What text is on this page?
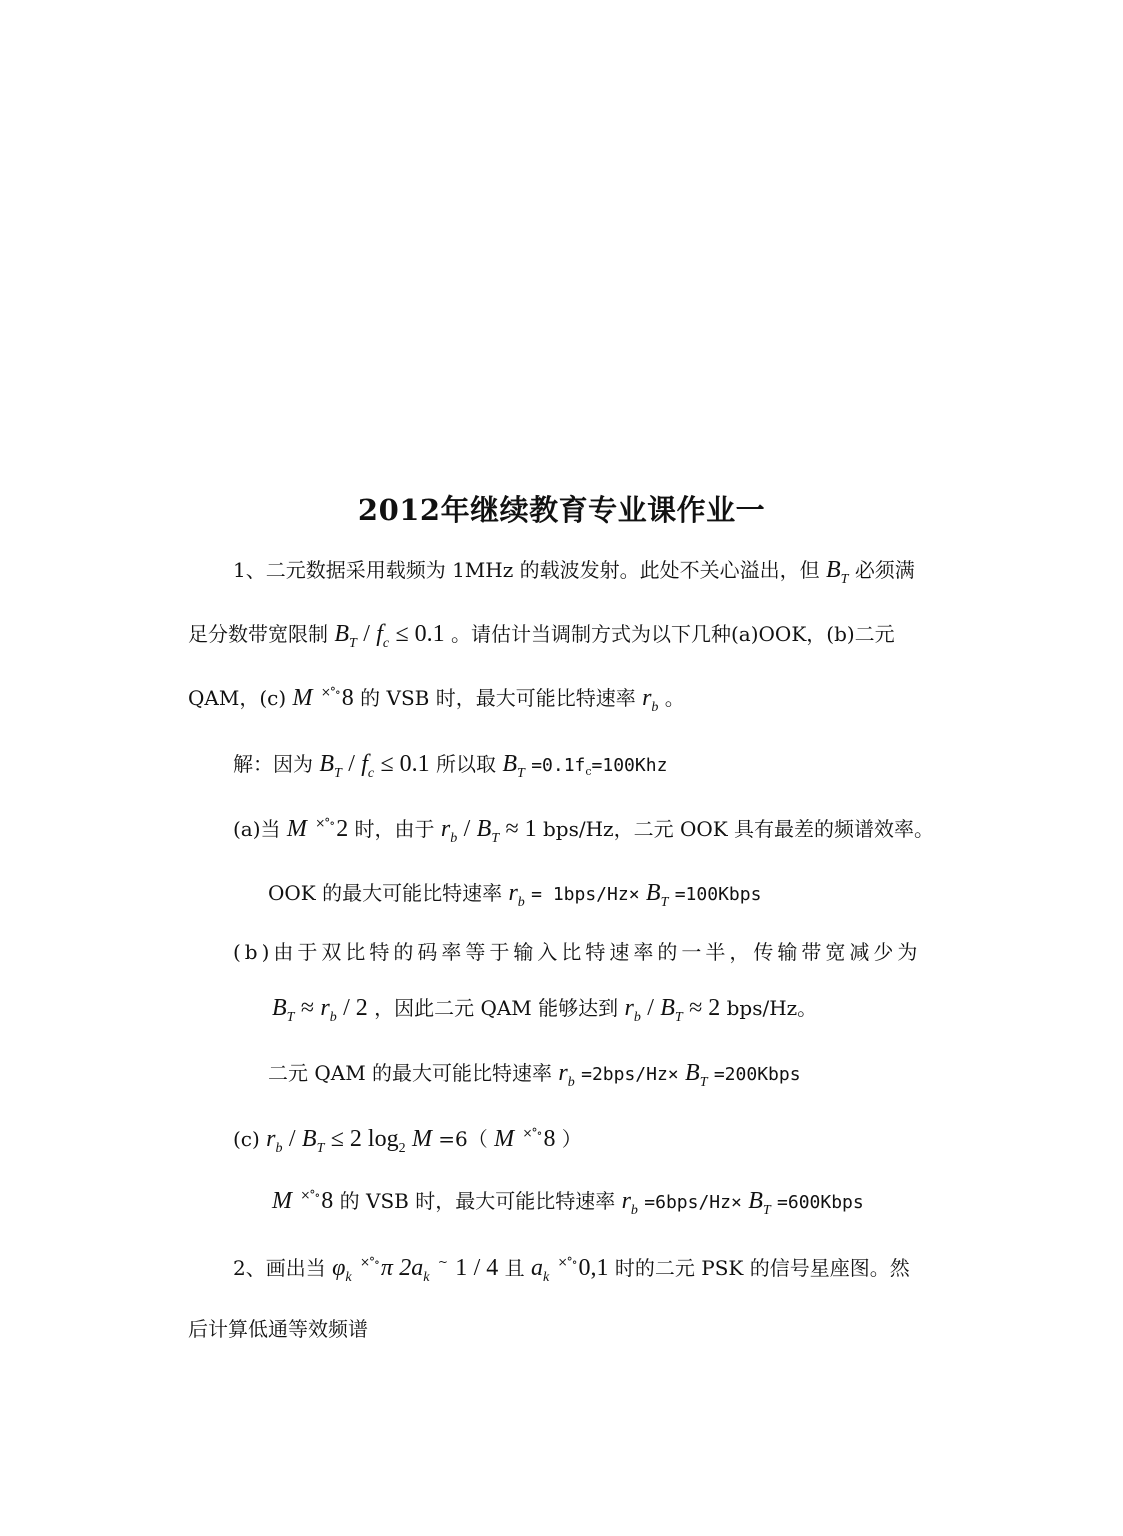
2012年继续教育专业课作业一
1、二元数据采用载频为 1MHz 的载波发射。此处不关心溢出，但 $B_T$ 必须满
足分数带宽限制 $B_T / f_c \le 0.1$ 。请估计当调制方式为以下几种(a)OOK，(b)二元
QAM，(c) M ×°∘8 的 VSB 时，最大可能比特速率 $r_b$ 。
解：因为 $B_T / f_c \le 0.1$ 所以取 $B_T =0.1f_c=100Khz$
(a)当 M ×°∘2 时，由于 $r_b / B_T \approx 1$ bps/Hz，二元 OOK 具有最差的频谱效率。
OOK 的最大可能比特速率 $r_b = 1bps/Hz\times B_T$ =100Kbps
(b)由于双比特的码率等于输入比特速率的一半，传输带宽减少为
$B_T \approx r_b / 2$ ，因此二元 QAM 能够达到 $r_b / B_T \approx 2$ bps/Hz。
二元 QAM 的最大可能比特速率 $r_b =2bps/Hz\times B_T$ =200Kbps
(c) $r_b / B_T \le 2$ $\log_2 M =6$（ M ×°∘8 ）
M ×°∘8 的 VSB 时，最大可能比特速率 $r_b =6bps/Hz\times B_T$ =600Kbps
2、画出当 $\varphi_k$ ×°∘π $2a_k$ ~ 1 / 4 且 $a_k$ ×°∘0,1 时的二元 PSK 的信号星座图。然
后计算低通等效频谱
